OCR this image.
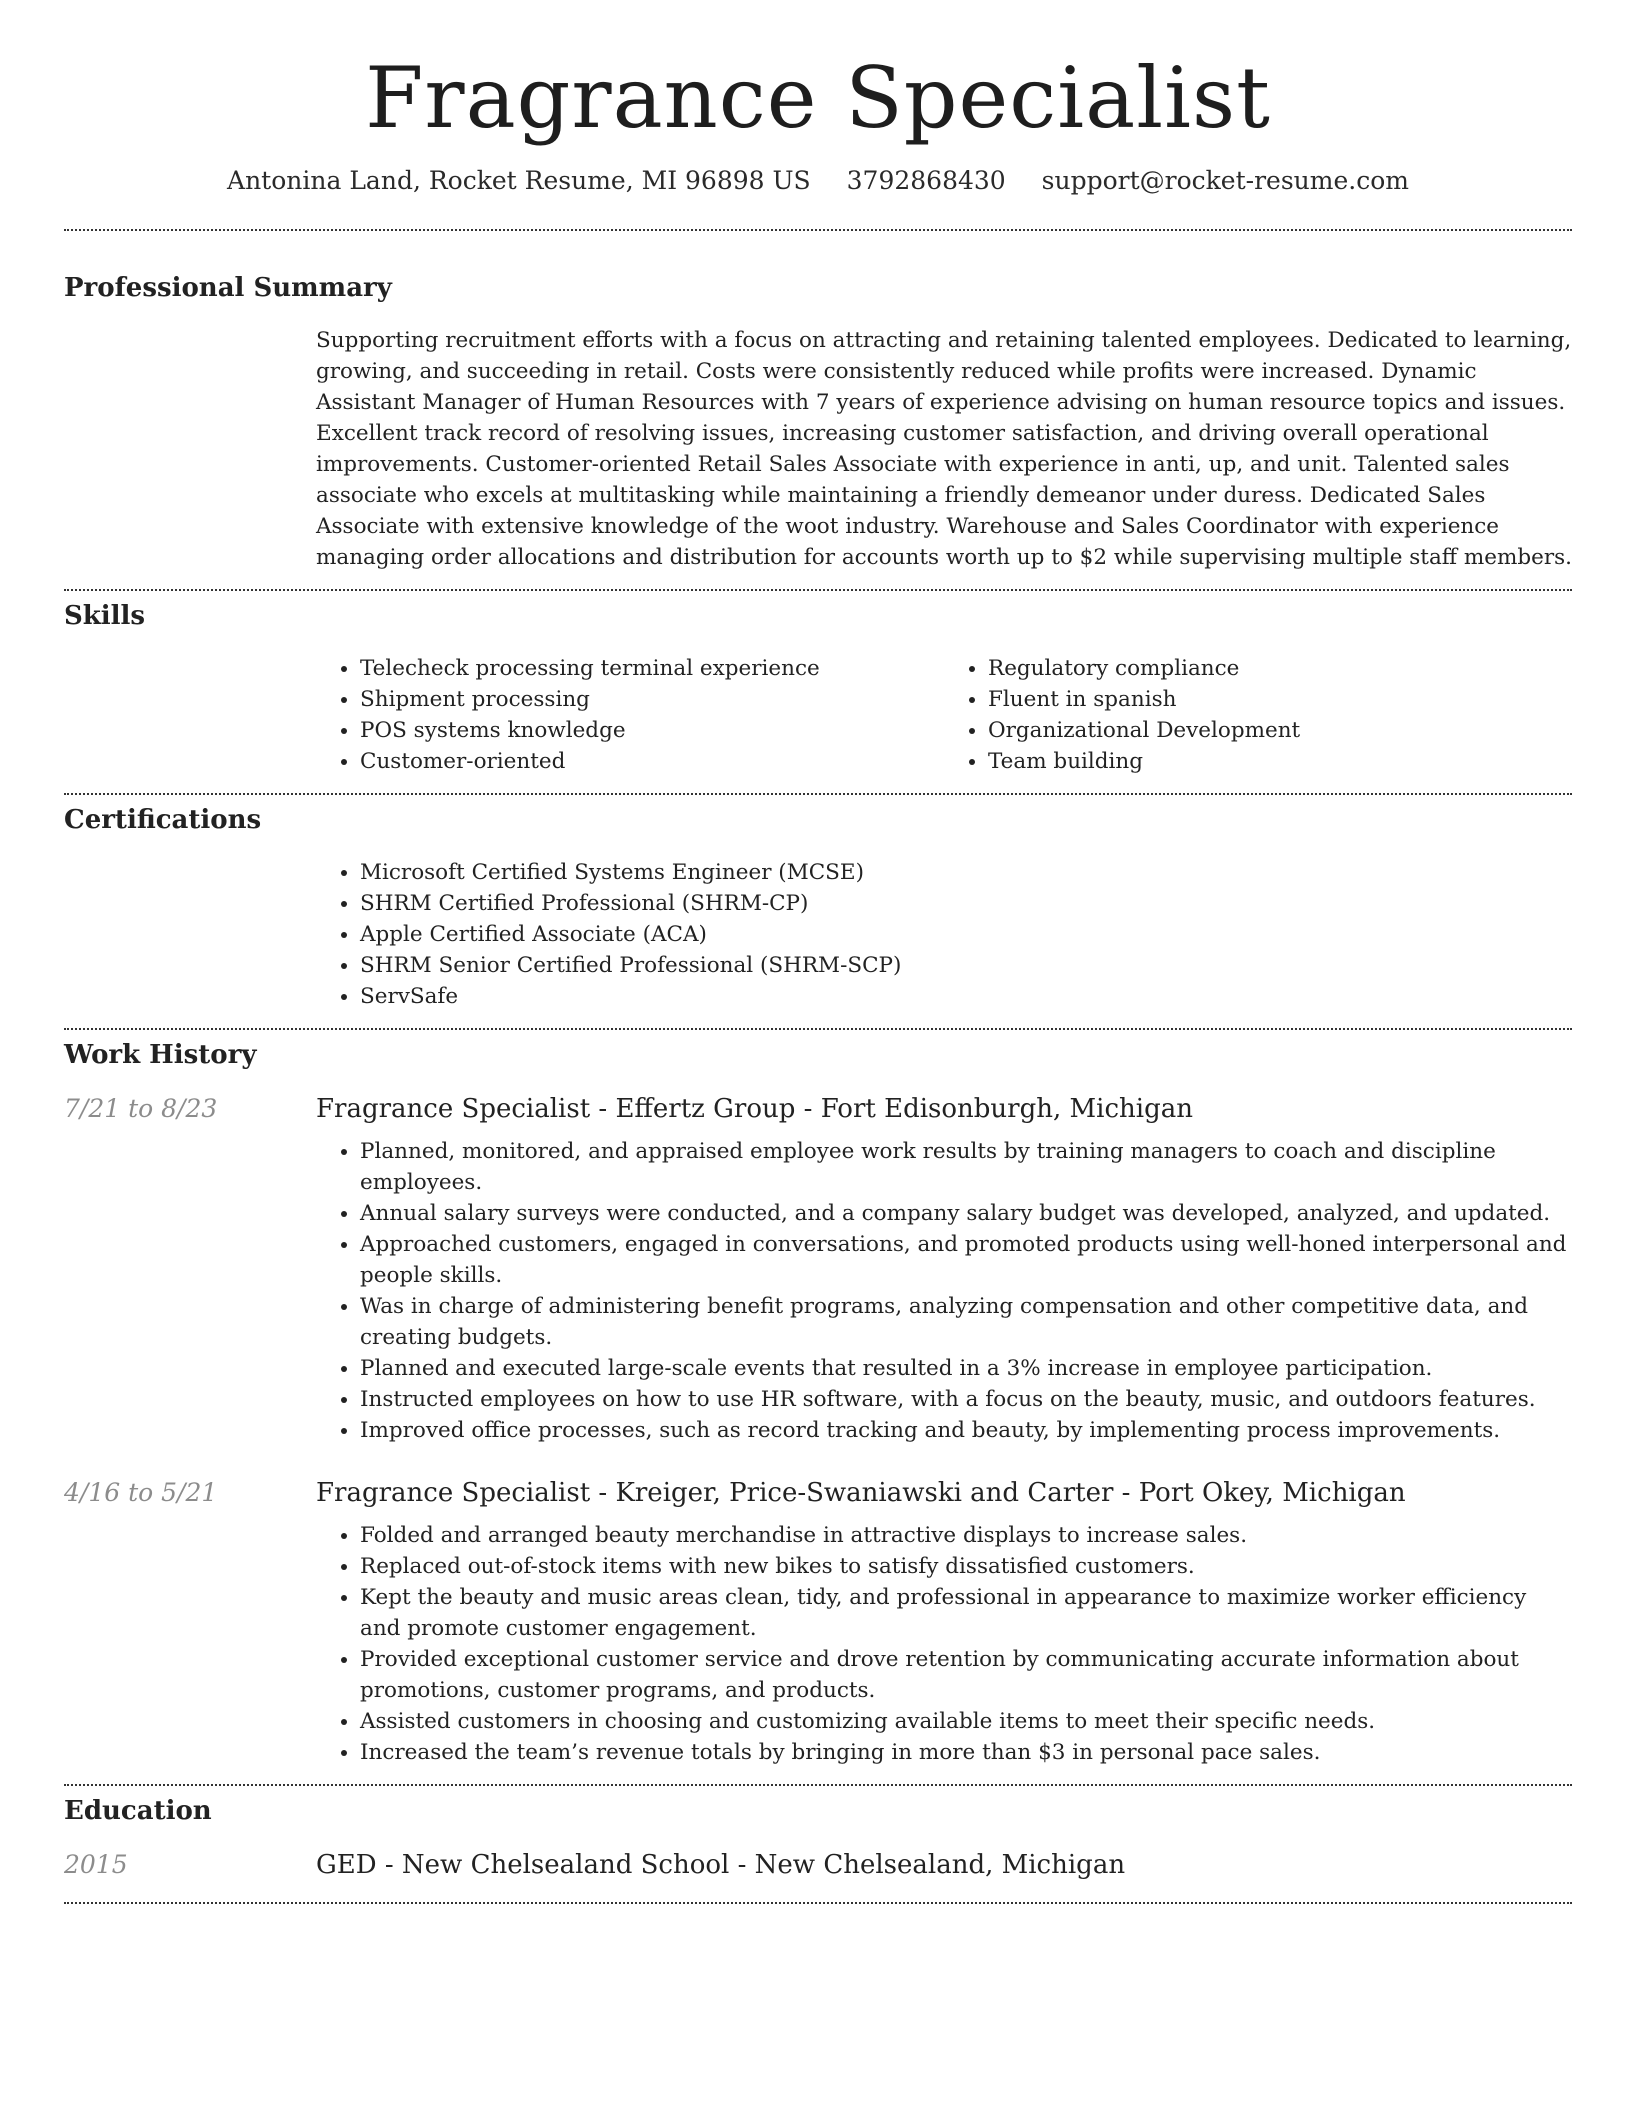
Fragrance Specialist
Antonina Land, Rocket Resume, MI 96898 US 3792868430 support@rocket-resume.com
Professional Summary

Supporting recruitment efforts with a focus on attracting and retaining talented employees. Dedicated to learning, growing, and succeeding in retail. Costs were consistently reduced while profits were increased. Dynamic Assistant Manager of Human Resources with 7 years of experience advising on human resource topics and issues. Excellent track record of resolving issues, increasing customer satisfaction, and driving overall operational improvements. Customer-oriented Retail Sales Associate with experience in anti, up, and unit. Talented sales associate who excels at multitasking while maintaining a friendly demeanor under duress. Dedicated Sales Associate with extensive knowledge of the woot industry. Warehouse and Sales Coordinator with experience managing order allocations and distribution for accounts worth up to $2 while supervising multiple staff members.

Skills
• Telecheck processing terminal experience
• Shipment processing
• POS systems knowledge
• Customer-oriented
• Regulatory compliance
• Fluent in spanish
• Organizational Development
• Team building
Certifications
• Microsoft Certified Systems Engineer (MCSE)
• SHRM Certified Professional (SHRM-CP)
• Apple Certified Associate (ACA)
• SHRM Senior Certified Professional (SHRM-SCP)
• ServSafe
Work History
7/21 to 8/23	Fragrance Specialist - Effertz Group - Fort Edisonburgh, Michigan
• Planned, monitored, and appraised employee work results by training managers to coach and discipline employees.
• Annual salary surveys were conducted, and a company salary budget was developed, analyzed, and updated.
• Approached customers, engaged in conversations, and promoted products using well-honed interpersonal and people skills.
• Was in charge of administering benefit programs, analyzing compensation and other competitive data, and creating budgets.
• Planned and executed large-scale events that resulted in a 3% increase in employee participation.
• Instructed employees on how to use HR software, with a focus on the beauty, music, and outdoors features.
• Improved office processes, such as record tracking and beauty, by implementing process improvements.
4/16 to 5/21	Fragrance Specialist - Kreiger, Price-Swaniawski and Carter - Port Okey, Michigan
• Folded and arranged beauty merchandise in attractive displays to increase sales.
• Replaced out-of-stock items with new bikes to satisfy dissatisfied customers.
• Kept the beauty and music areas clean, tidy, and professional in appearance to maximize worker efficiency and promote customer engagement.
• Provided exceptional customer service and drove retention by communicating accurate information about promotions, customer programs, and products.
• Assisted customers in choosing and customizing available items to meet their specific needs.
• Increased the team’s revenue totals by bringing in more than $3 in personal pace sales.
Education
2015	GED - New Chelsealand School - New Chelsealand, Michigan
